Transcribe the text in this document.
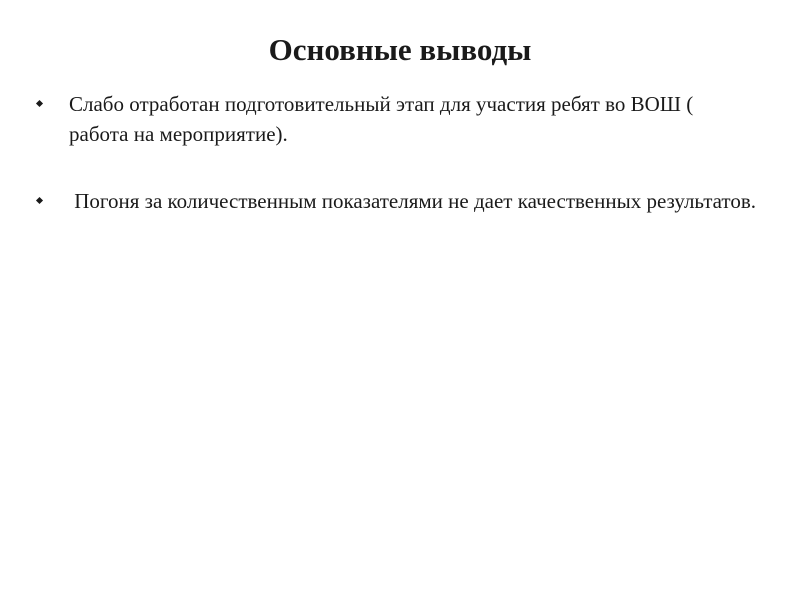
Основные выводы
Слабо отработан подготовительный этап для участия ребят во ВОШ ( работа на мероприятие).
Погоня за количественным показателями не дает качественных результатов.
